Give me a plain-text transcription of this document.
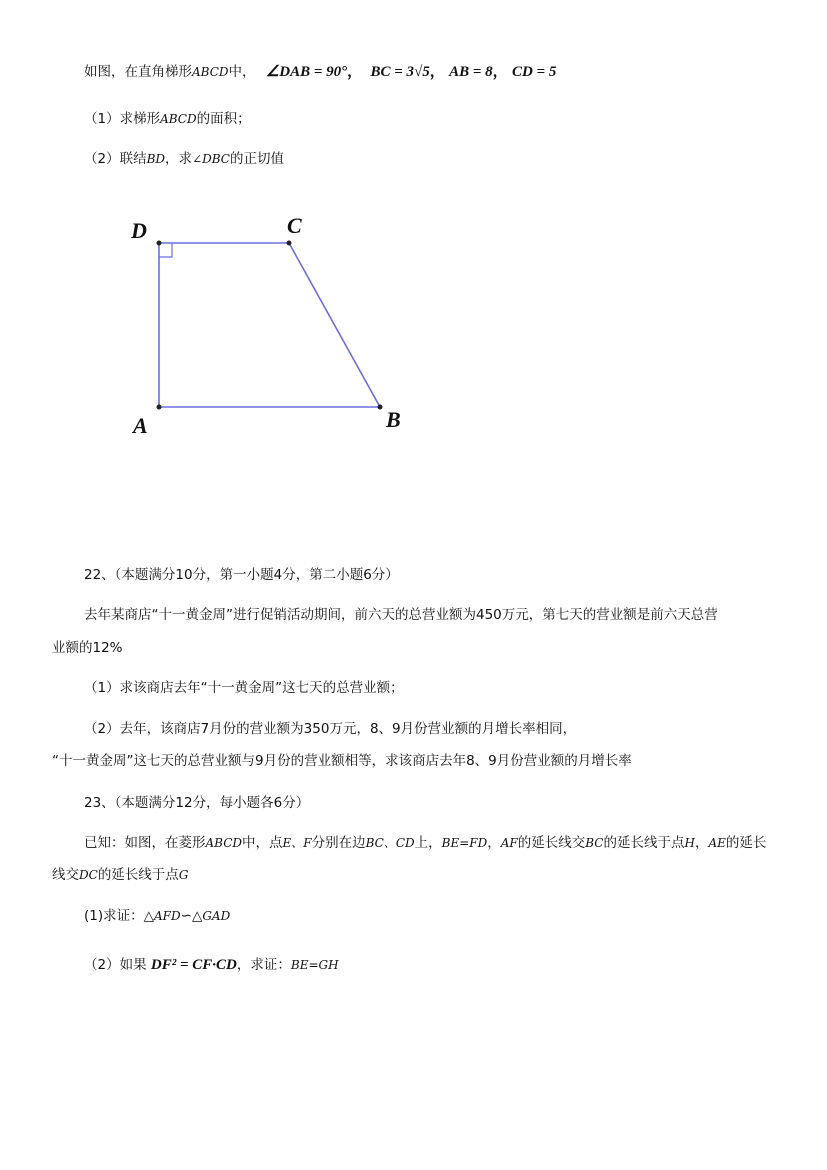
如图，在直角梯形ABCD中， ∠DAB = 90°， BC = 3√5， AB = 8， CD = 5
（1）求梯形ABCD的面积；
（2）联结BD，求∠DBC的正切值
D	C
A	B
22、（本题满分10分，第一小题4分，第二小题6分）
去年某商店“十一黄金周”进行促销活动期间，前六天的总营业额为450万元，第七天的营业额是前六天总营
业额的12%
（1）求该商店去年“十一黄金周”这七天的总营业额；
（2）去年，该商店7月份的营业额为350万元，8、9月份营业额的月增长率相同，
“十一黄金周”这七天的总营业额与9月份的营业额相等，求该商店去年8、9月份营业额的月增长率
23、（本题满分12分，每小题各6分）
已知：如图，在菱形ABCD中，点E、F分别在边BC、CD上，BE=FD，AF的延长线交BC的延长线于点H，AE的延长
线交DC的延长线于点G
(1)求证：△AFD∽△GAD
（2）如果 DF² = CF·CD，求证：BE=GH
